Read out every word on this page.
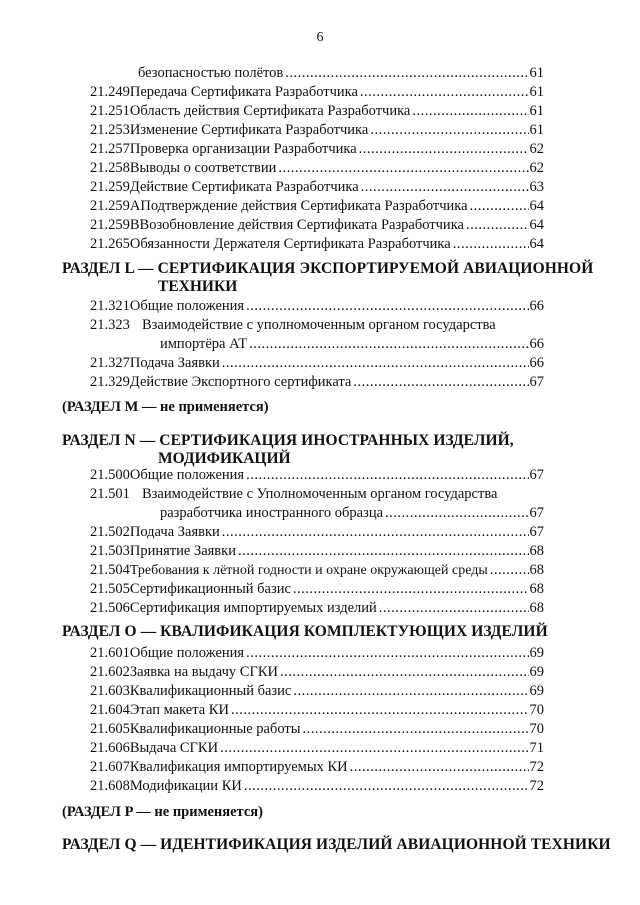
6
безопасностью полётов .....	61
21.249 Передача Сертификата Разработчика .....	61
21.251 Область действия Сертификата Разработчика .....	61
21.253 Изменение Сертификата Разработчика .....	61
21.257 Проверка организации Разработчика .....	62
21.258 Выводы о соответствии .....	62
21.259 Действие Сертификата Разработчика .....	63
21.259A Подтверждение действия Сертификата Разработчика .....	64
21.259B Возобновление действия Сертификата Разработчика .....	64
21.265 Обязанности Держателя Сертификата Разработчика .....	64
РАЗДЕЛ L — СЕРТИФИКАЦИЯ ЭКСПОРТИРУЕМОЙ АВИАЦИОННОЙ
ТЕХНИКИ
21.321 Общие положения .....	66
21.323 Взаимодействие с уполномоченным органом государства
импортёра АТ .....	66
21.327 Подача Заявки .....	66
21.329 Действие Экспортного сертификата .....	67
(РАЗДЕЛ М — не применяется)
РАЗДЕЛ N — СЕРТИФИКАЦИЯ ИНОСТРАННЫХ ИЗДЕЛИЙ,
МОДИФИКАЦИЙ
21.500 Общие положения .....	67
21.501 Взаимодействие с Уполномоченным органом государства
разработчика иностранного образца .....	67
21.502 Подача Заявки .....	67
21.503 Принятие Заявки .....	68
21.504 Требования к лётной годности и охране окружающей среды .....	68
21.505 Сертификационный базис .....	68
21.506 Сертификация импортируемых изделий .....	68
РАЗДЕЛ O — КВАЛИФИКАЦИЯ КОМПЛЕКТУЮЩИХ ИЗДЕЛИЙ
21.601 Общие положения .....	69
21.602 Заявка на выдачу СГКИ .....	69
21.603 Квалификационный базис .....	69
21.604 Этап макета КИ .....	70
21.605 Квалификационные работы .....	70
21.606 Выдача СГКИ .....	71
21.607 Квалификация импортируемых КИ .....	72
21.608 Модификации КИ .....	72
(РАЗДЕЛ P — не применяется)
РАЗДЕЛ Q — ИДЕНТИФИКАЦИЯ ИЗДЕЛИЙ АВИАЦИОННОЙ ТЕХНИКИ
